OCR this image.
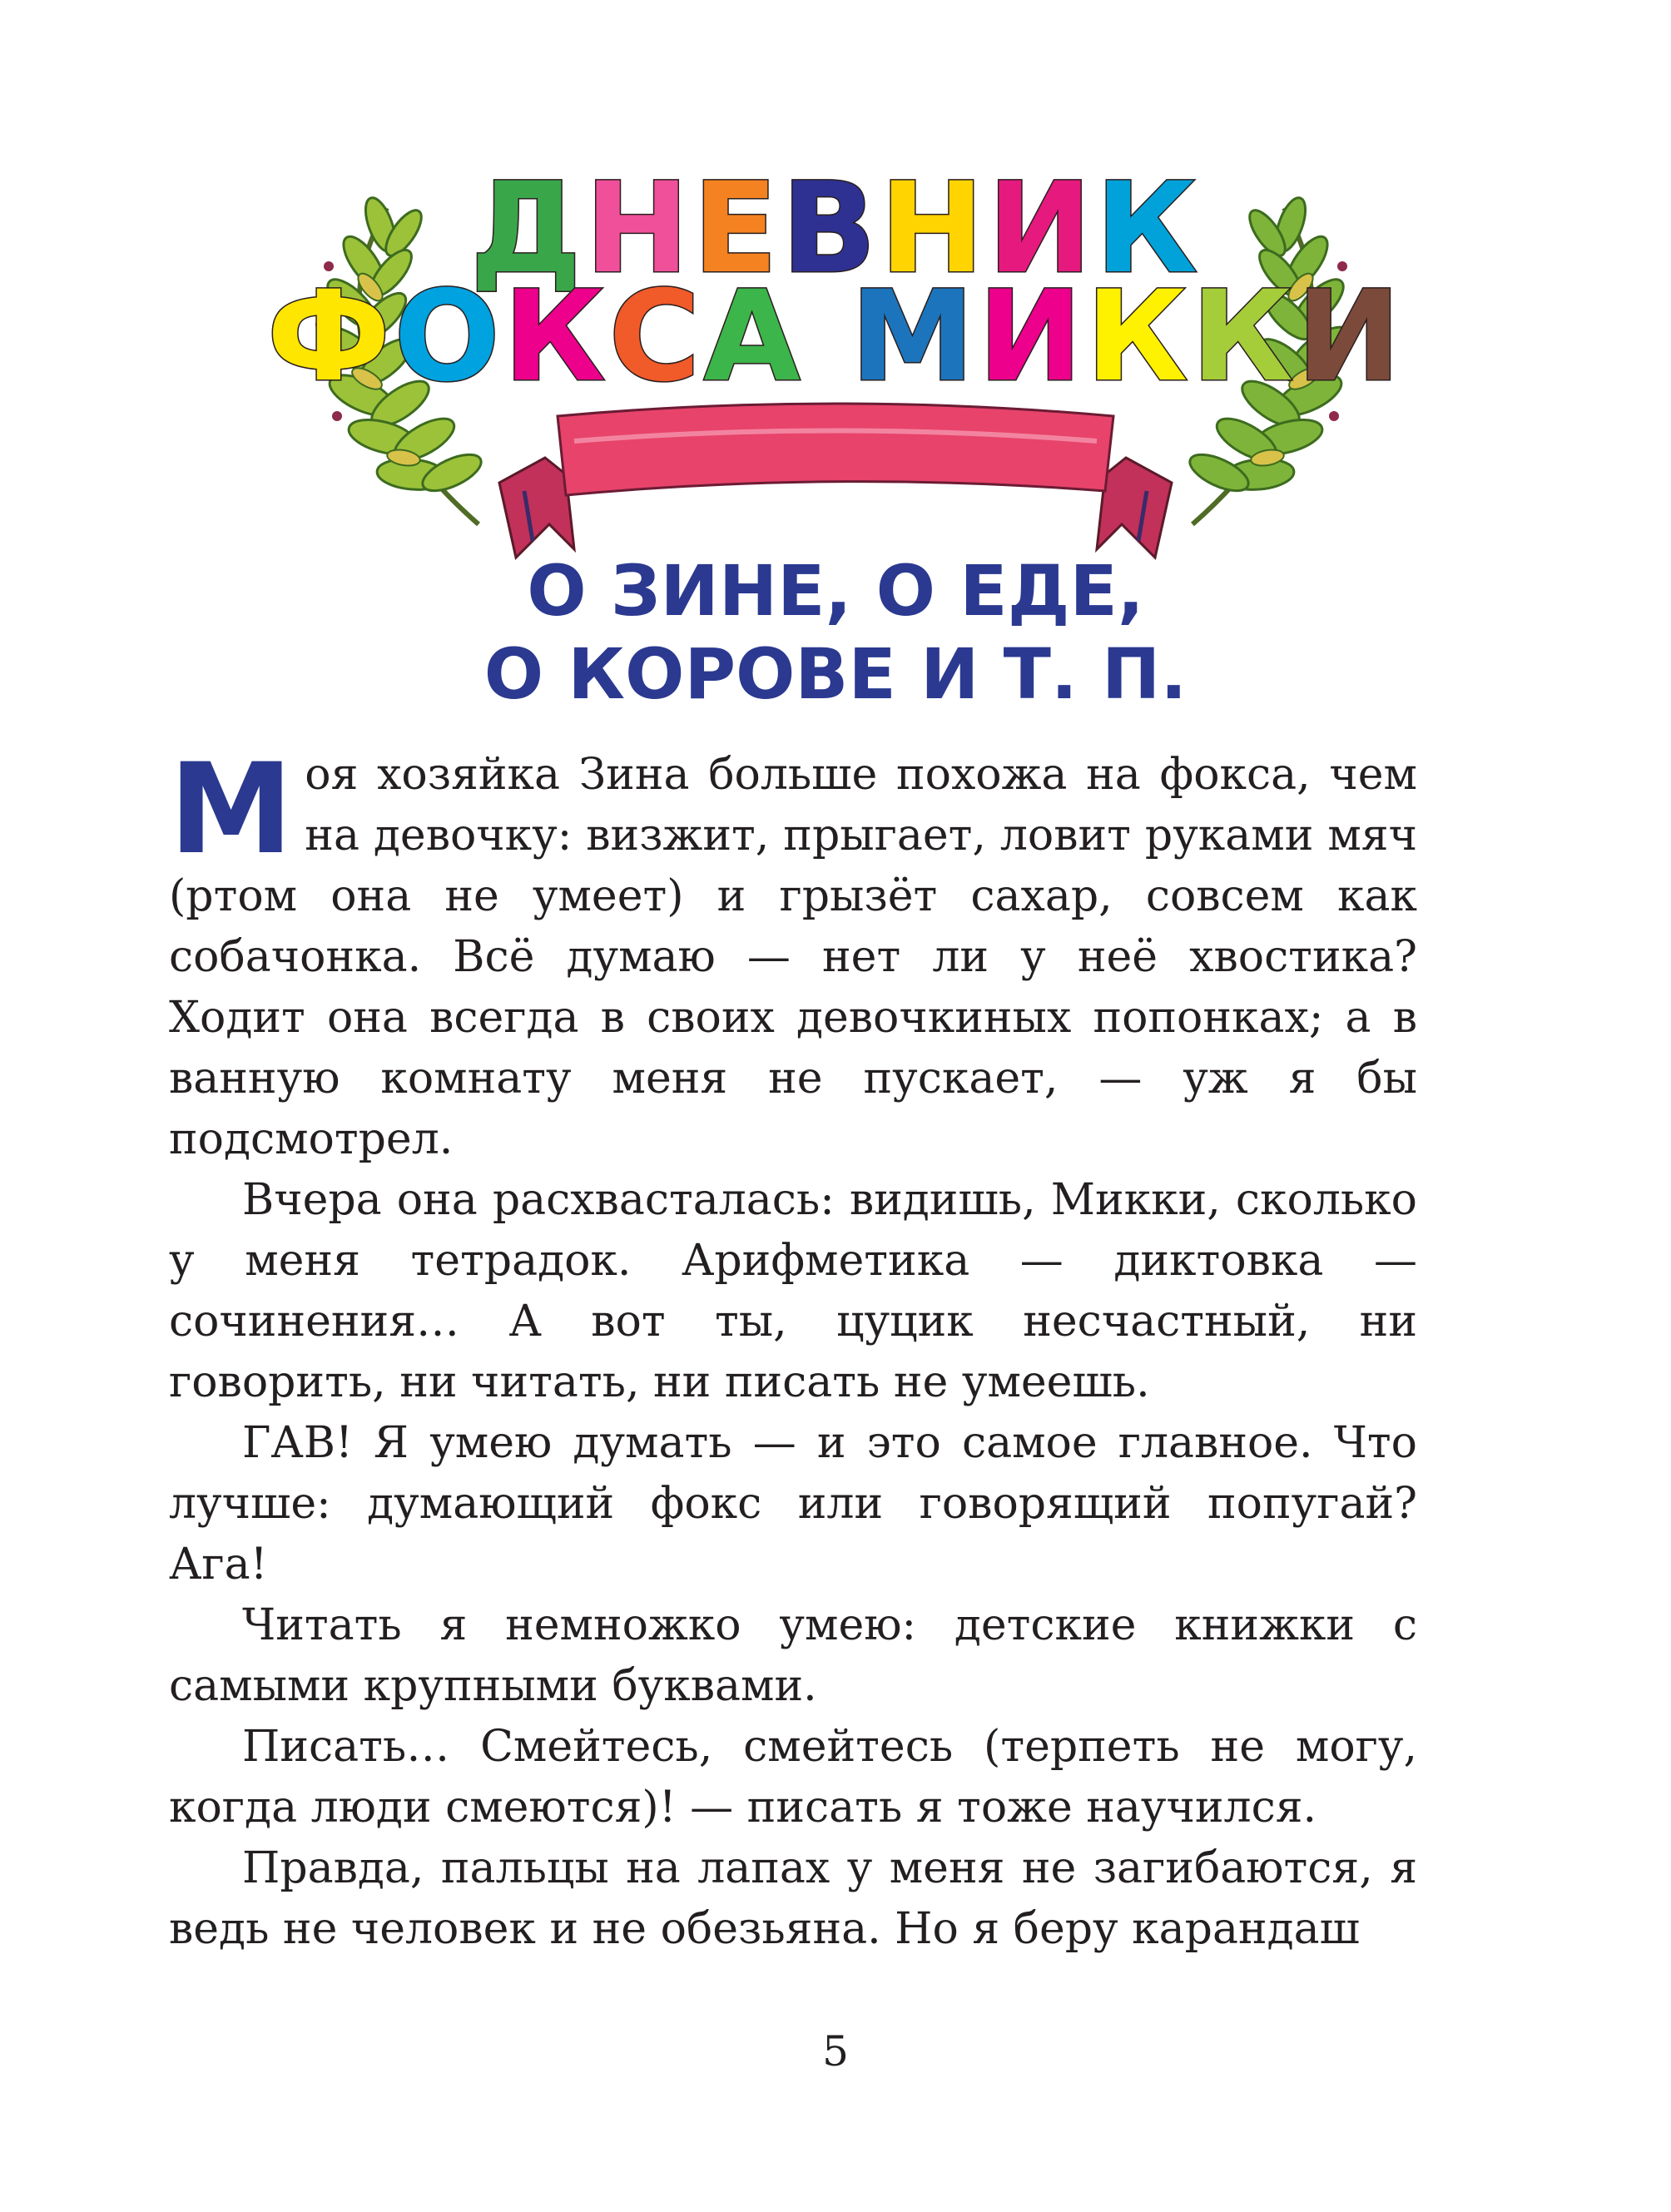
ДНЕВНИК
ФОКСА МИККИ
О ЗИНЕ, О ЕДЕ,
О КОРОВЕ И Т. П.

Моя хозяйка Зина больше похожа на фокса, чем на девочку: визжит, прыгает, ловит руками мяч (ртом она не умеет) и грызёт сахар, совсем как собачонка. Всё думаю — нет ли у неё хвостика? Ходит она всегда в своих девочкиных попонках; а в ванную комнату меня не пускает, — уж я бы подсмотрел.

Вчера она расхвасталась: видишь, Микки, сколько у меня тетрадок. Арифметика — диктовка — сочинения… А вот ты, цуцик несчастный, ни говорить, ни читать, ни писать не умеешь.

ГАВ! Я умею думать — и это самое главное. Что лучше: думающий фокс или говорящий попугай? Ага!

Читать я немножко умею: детские книжки с самыми крупными буквами.

Писать… Смейтесь, смейтесь (терпеть не могу, когда люди смеются)! — писать я тоже научился.

Правда, пальцы на лапах у меня не загибаются, я ведь не человек и не обезьяна. Но я беру карандаш

5
